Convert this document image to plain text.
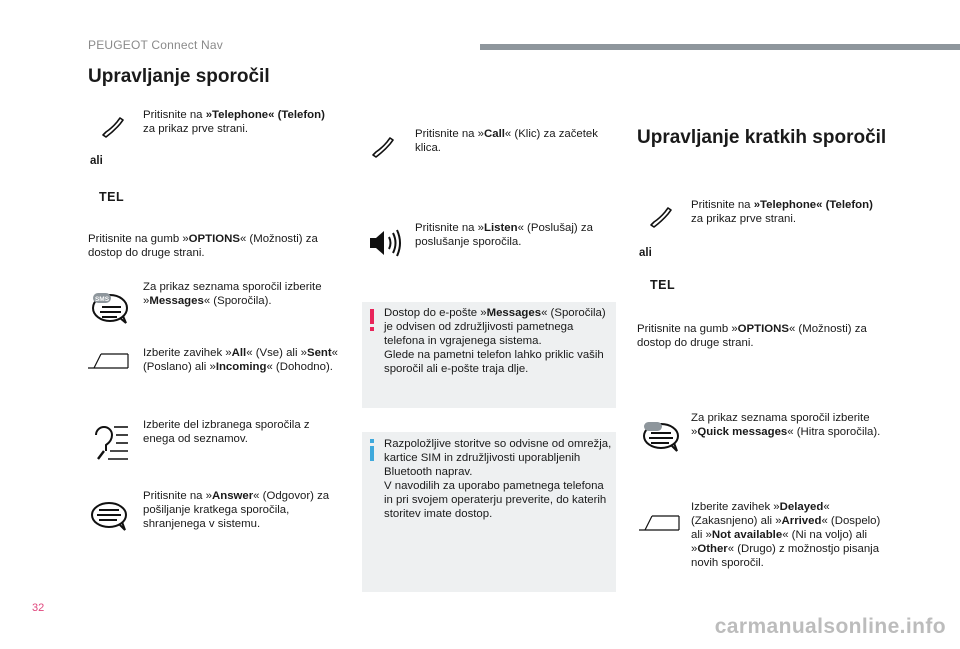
PEUGEOT Connect Nav
Upravljanje sporočil
Pritisnite na »Telephone« (Telefon)
za prikaz prve strani.
ali
TEL
Pritisnite na gumb »OPTIONS« (Možnosti) za dostop do druge strani.
SMS
Za prikaz seznama sporočil izberite »Messages« (Sporočila).
Izberite zavihek »All« (Vse) ali »Sent« (Poslano) ali »Incoming« (Dohodno).
Izberite del izbranega sporočila z enega od seznamov.
Pritisnite na »Answer« (Odgovor) za pošiljanje kratkega sporočila, shranjenega v sistemu.
Pritisnite na »Call« (Klic) za začetek klica.
Pritisnite na »Listen« (Poslušaj) za poslušanje sporočila.
Dostop do e-pošte »Messages« (Sporočila) je odvisen od združljivosti pametnega telefona in vgrajenega sistema.
Glede na pametni telefon lahko priklic vaših sporočil ali e-pošte traja dlje.
Razpoložljive storitve so odvisne od omrežja, kartice SIM in združljivosti uporabljenih Bluetooth naprav.
V navodilih za uporabo pametnega telefona in pri svojem operaterju preverite, do katerih storitev imate dostop.
Upravljanje kratkih sporočil
Pritisnite na »Telephone« (Telefon)
za prikaz prve strani.
ali
TEL
Pritisnite na gumb »OPTIONS« (Možnosti) za dostop do druge strani.
Za prikaz seznama sporočil izberite »Quick messages« (Hitra sporočila).
Izberite zavihek »Delayed« (Zakasnjeno) ali »Arrived« (Dospelo) ali »Not available« (Ni na voljo) ali »Other« (Drugo) z možnostjo pisanja novih sporočil.
32
carmanualsonline.info
